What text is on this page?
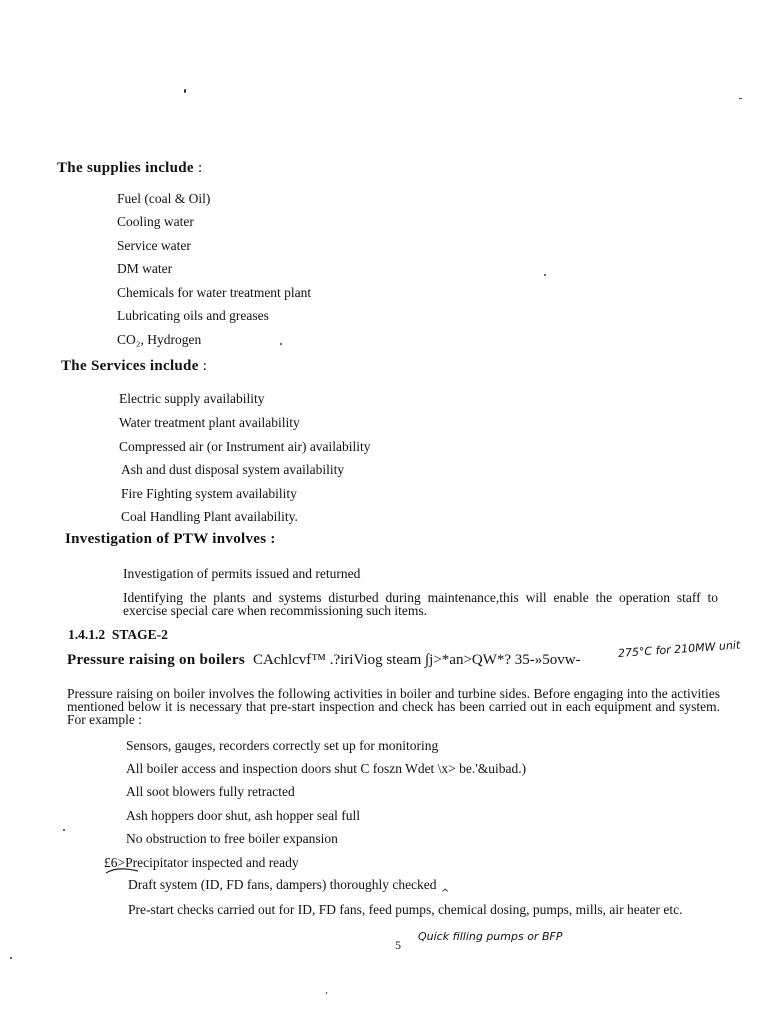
The supplies include :
Fuel (coal & Oil)
Cooling water
Service water
DM water
Chemicals for water treatment plant
Lubricating oils and greases
CO₂, Hydrogen
The Services include :
Electric supply availability
Water treatment plant availability
Compressed air (or Instrument air) availability
Ash and dust disposal system availability
Fire Fighting system availability
Coal Handling Plant availability.
Investigation of PTW involves :
Investigation of permits issued and returned
Identifying the plants and systems disturbed during maintenance,this will enable the operation staff to exercise special care when recommissioning such items.
1.4.1.2 STAGE-2
Pressure raising on boilers CAchlcvf™ .?iriViog steam ∫j>*an>QW*? 35-»5ovw-
275°C for 210MW unit
Pressure raising on boiler involves the following activities in boiler and turbine sides. Before engaging into the activities mentioned below it is necessary that pre-start inspection and check has been carried out in each equipment and system. For example :
Sensors, gauges, recorders correctly set up for monitoring
All boiler access and inspection doors shut C foszn Wdet \x> be.'&uibad.)
All soot blowers fully retracted
Ash hoppers door shut, ash hopper seal full
No obstruction to free boiler expansion
£6>Precipitator inspected and ready
Draft system (ID, FD fans, dampers) thoroughly checked
Pre-start checks carried out for ID, FD fans, feed pumps, chemical dosing, pumps, mills, air heater etc.
^
Quick filling pumps or BFP
5
